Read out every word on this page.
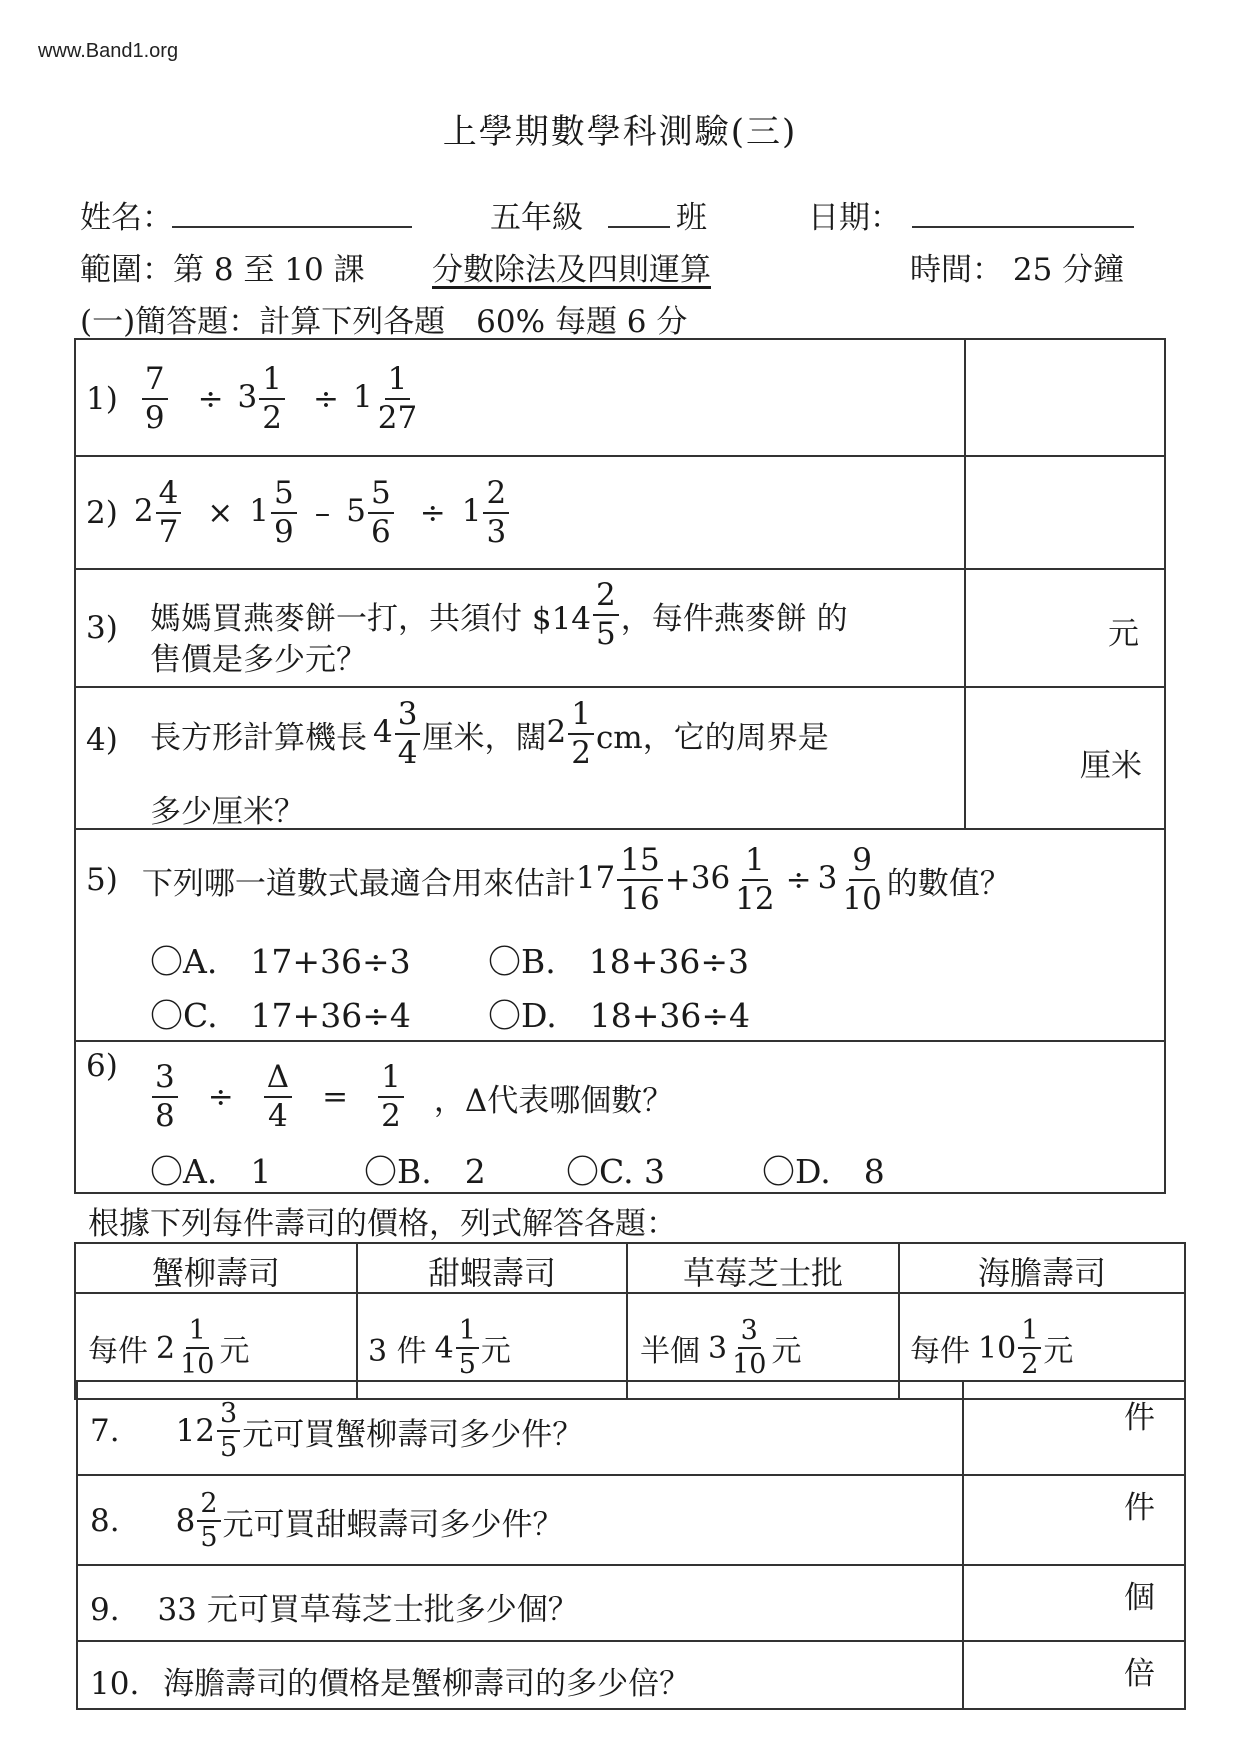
www.Band1.org
上學期數學科測驗(三)
姓名：	五年級	班	日期：
範圍：第 8 至 10 課 分數除法及四則運算	時間： 25 分鐘
(一)簡答題：計算下列各題　60% 每題 6 分
$1) \frac{7}{9} \div 3 \frac{1}{2} \div 1 \frac{1}{27}$
2) $2 \frac{4}{7} \times 1 \frac{5}{9} - 5 \frac{5}{6} \div 1 \frac{2}{3}$
3) 媽媽買燕麥餅一打，共須付 $14 $\frac{2}{5}$ ，每件燕麥餅 的
售價是多少元？
元
4) 長方形計算機長 $4 \frac{3}{4}$ 厘米，闊 $2 \frac{1}{2}$ cm，它的周界是
多少厘米？
厘米
5) 下列哪一道數式最適合用來估計 $17 \frac{15}{16} + 36 \frac{1}{12} \div 3 \frac{9}{10}$ 的數值？
〇A.　17+36÷3 〇B.　18+36÷3
〇C.　17+36÷4 〇D.　18+36÷4
$6) \frac{3}{8} \div \frac{\Delta}{4} = \frac{1}{2}$ ，Δ代表哪個數？
〇A.　1	〇B.　2 〇C. 3	〇D.　8
根據下列每件壽司的價格，列式解答各題：
蟹柳壽司	甜蝦壽司	草莓芝士批	海膽壽司
每件 $2 \frac{1}{10}$ 元	3 件 $4 \frac{1}{5}$ 元	半個 $3 \frac{3}{10}$ 元	每件 $10 \frac{1}{2}$ 元
7. $12 \frac{3}{5}$ 元可買蟹柳壽司多少件？	件
8. $8 \frac{2}{5}$ 元可買甜蝦壽司多少件？	件
9. 33 元可買草莓芝士批多少個？	個
10. 海膽壽司的價格是蟹柳壽司的多少倍？	倍
